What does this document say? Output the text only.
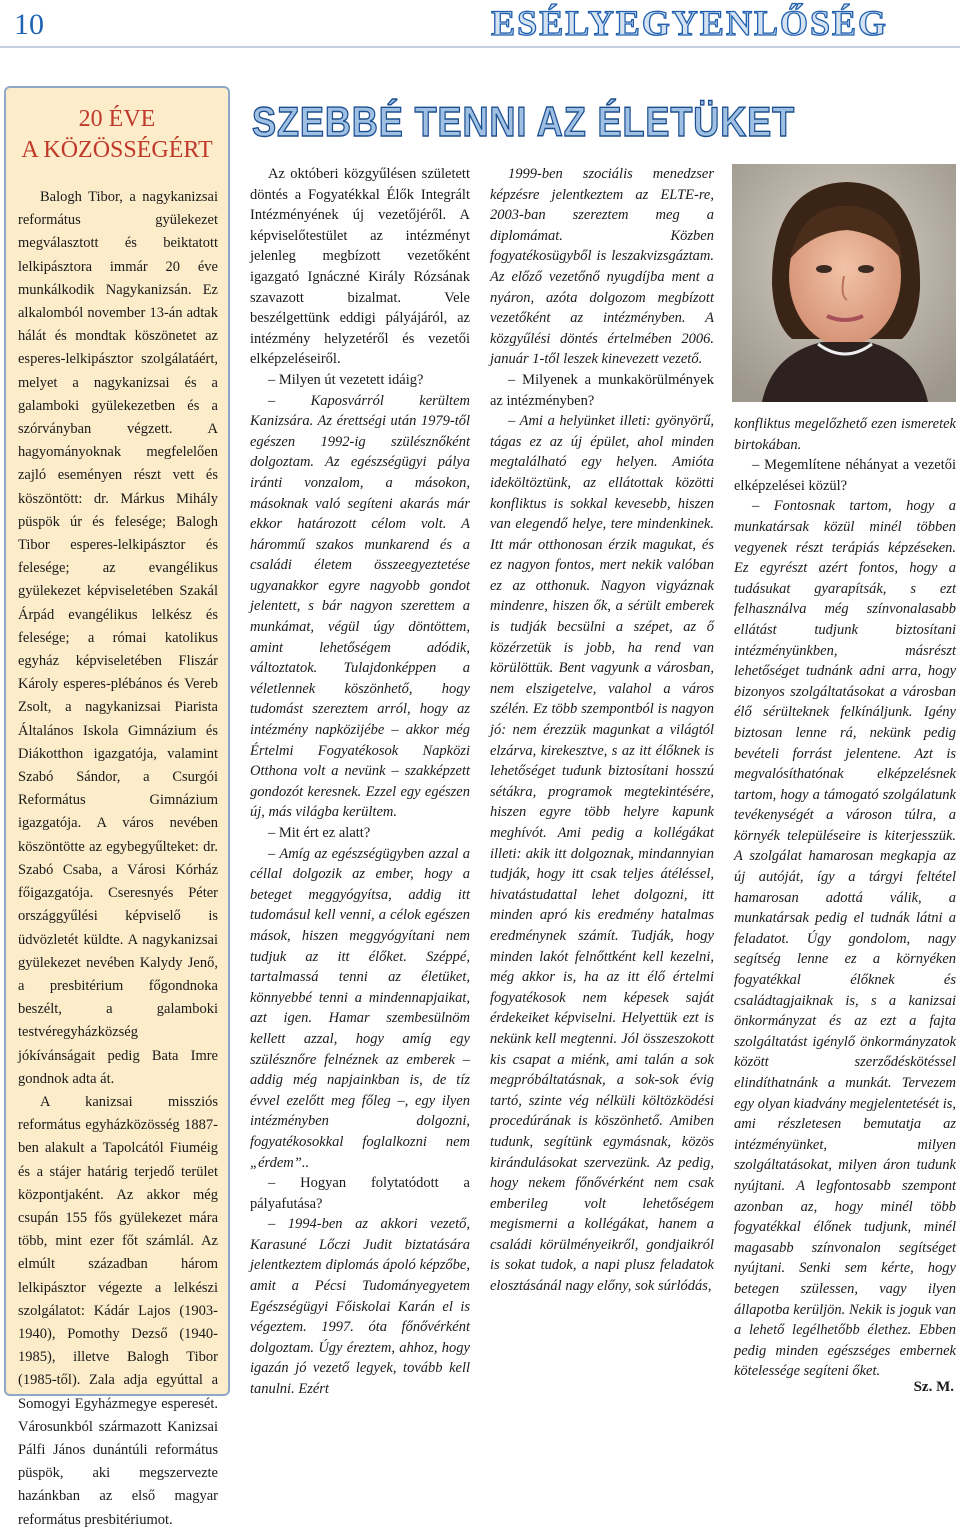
10	ESÉLYEGYENLŐSÉG
20 ÉVE
A KÖZÖSSÉGÉRT

Balogh Tibor, a nagykanizsai református gyülekezet megválasztott és beiktatott lelkipásztora immár 20 éve munkálkodik Nagykanizsán. Ez alkalomból november 13-án adtak hálát és mondtak köszönetet az esperes-lelkipásztor szolgálatáért, melyet a nagykanizsai és a galamboki gyülekezetben és a szórványban végzett. A hagyományoknak megfelelően zajló eseményen részt vett és köszöntött: dr. Márkus Mihály püspök úr és felesége; Balogh Tibor esperes-lelkipásztor és felesége; az evangélikus gyülekezet képviseletében Szakál Árpád evangélikus lelkész és felesége; a római katolikus egyház képviseletében Fliszár Károly esperes-plébános és Vereb Zsolt, a nagykanizsai Piarista Általános Iskola Gimnázium és Diákotthon igazgatója, valamint Szabó Sándor, a Csurgói Református Gimnázium igazgatója. A város nevében köszöntötte az egybegyűlteket: dr. Szabó Csaba, a Városi Kórház főigazgatója. Cseresnyés Péter országgyűlési képviselő is üdvözletét küldte. A nagykanizsai gyülekezet nevében Kalydy Jenő, a presbitérium főgondnoka beszélt, a galamboki testvéregyházközség jókívánságait pedig Bata Imre gondnok adta át.

A kanizsai missziós református egyházközösség 1887-ben alakult a Tapolcától Fiuméig és a stájer határig terjedő terület központjaként. Az akkor még csupán 155 fős gyülekezet mára több, mint ezer főt számlál. Az elmúlt században három lelkipásztor végezte a lelkészi szolgálatot: Kádár Lajos (1903-1940), Pomothy Dezső (1940-1985), illetve Balogh Tibor (1985-től). Zala adja egyúttal a Somogyi Egyházmegye esperesét. Városunkból származott Kanizsai Pálfi János dunántúli református püspök, aki megszervezte hazánkban az első magyar református presbitériumot.

SZEBBÉ TENNI AZ ÉLETÜKET

Az októberi közgyűlésen született döntés a Fogyatékkal Élők Integrált Intézményének új vezetőjéről. A képviselőtestület az intézményt jelenleg megbízott vezetőként igazgató Ignáczné Király Rózsának szavazott bizalmat. Vele beszélgettünk eddigi pályájáról, az intézmény helyzetéről és vezetői elképzeléseiről.

– Milyen út vezetett idáig?

– Kaposvárról kerültem Kanizsára. Az érettségi után 1979-től egészen 1992-ig szülésznőként dolgoztam. Az egészségügyi pálya iránti vonzalom, a másokon, másoknak való segíteni akarás már ekkor határozott célom volt. A hárommű szakos munkarend és a családi életem összeegyeztetése ugyanakkor egyre nagyobb gondot jelentett, s bár nagyon szerettem a munkámat, végül úgy döntöttem, amint lehetőségem adódik, változtatok. Tulajdonképpen a véletlennek köszönhető, hogy tudomást szereztem arról, hogy az intézmény napközijébe – akkor még Értelmi Fogyatékosok Napközi Otthona volt a nevünk – szakképzett gondozót keresnek. Ezzel egy egészen új, más világba kerültem.

– Mit ért ez alatt?

– Amíg az egészségügyben azzal a céllal dolgozik az ember, hogy a beteget meggyógyítsa, addig itt tudomásul kell venni, a célok egészen mások, hiszen meggyógyítani nem tudjuk az itt élőket. Széppé, tartalmassá tenni az életüket, könnyebbé tenni a mindennapjaikat, azt igen. Hamar szembesülnöm kellett azzal, hogy amíg egy szülésznőre felnéznek az emberek – addig még napjainkban is, de tíz évvel ezelőtt meg főleg –, egy ilyen intézményben dolgozni, fogyatékosokkal foglalkozni nem „érdem”..

– Hogyan folytatódott a pályafutása?

– 1994-ben az akkori vezető, Karasuné Lőczi Judit biztatására jelentkeztem diplomás ápoló képzőbe, amit a Pécsi Tudományegyetem Egészségügyi Főiskolai Karán el is végeztem. 1997. óta főnővérként dolgoztam. Úgy éreztem, ahhoz, hogy igazán jó vezető legyek, tovább kell tanulni. Ezért

1999-ben szociális menedzser képzésre jelentkeztem az ELTE-re, 2003-ban szereztem meg a diplomámat. Közben fogyatékosügyből is leszakvizsgáztam. Az előző vezetőnő nyugdíjba ment a nyáron, azóta dolgozom megbízott vezetőként az intézményben. A közgyűlési döntés értelmében 2006. január 1-től leszek kinevezett vezető.

– Milyenek a munkakörülmények az intézményben?

– Ami a helyünket illeti: gyönyörű, tágas ez az új épület, ahol minden megtalálható egy helyen. Amióta ideköltöztünk, az ellátottak közötti konfliktus is sokkal kevesebb, hiszen van elegendő helye, tere mindenkinek. Itt már otthonosan érzik magukat, és ez nagyon fontos, mert nekik valóban ez az otthonuk. Nagyon vigyáznak mindenre, hiszen ők, a sérült emberek is tudják becsülni a szépet, az ő közérzetük is jobb, ha rend van körülöttük. Bent vagyunk a városban, nem elszigetelve, valahol a város szélén. Ez több szempontból is nagyon jó: nem érezzük magunkat a világtól elzárva, kirekesztve, s az itt élőknek is lehetőséget tudunk biztosítani hosszú sétákra, programok megtekintésére, hiszen egyre több helyre kapunk meghívót. Ami pedig a kollégákat illeti: akik itt dolgoznak, mindannyian tudják, hogy itt csak teljes átéléssel, hivatástudattal lehet dolgozni, itt minden apró kis eredmény hatalmas eredménynek számít. Tudják, hogy minden lakót felnőttként kell kezelni, még akkor is, ha az itt élő értelmi fogyatékosok nem képesek saját érdekeiket képviselni. Helyettük ezt is nekünk kell megtenni. Jól összeszokott kis csapat a miénk, ami talán a sok megpróbáltatásnak, a sok-sok évig tartó, szinte vég nélküli költözködési procedúrának is köszönhető. Amiben tudunk, segítünk egymásnak, közös kirándulásokat szervezünk. Az pedig, hogy nekem főnővérként nem csak emberileg volt lehetőségem megismerni a kollégákat, hanem a családi körülményeikről, gondjaikról is sokat tudok, a napi plusz feladatok elosztásánál nagy előny, sok súrlódás,

konfliktus megelőzhető ezen ismeretek birtokában.

– Megemlítene néhányat a vezetői elképzelései közül?

– Fontosnak tartom, hogy a munkatársak közül minél többen vegyenek részt terápiás képzéseken. Ez egyrészt azért fontos, hogy a tudásukat gyarapítsák, s ezt felhasználva még színvonalasabb ellátást tudjunk biztosítani intézményünkben, másrészt lehetőséget tudnánk adni arra, hogy bizonyos szolgáltatásokat a városban élő sérülteknek felkínáljunk. Igény biztosan lenne rá, nekünk pedig bevételi forrást jelentene. Azt is megvalósíthatónak elképzelésnek tartom, hogy a támogató szolgálatunk tevékenységét a városon túlra, a környék településeire is kiterjesszük. A szolgálat hamarosan megkapja az új autóját, így a tárgyi feltétel hamarosan adottá válik, a munkatársak pedig el tudnák látni a feladatot. Úgy gondolom, nagy segítség lenne ez a környéken fogyatékkal élőknek és családtagjaiknak is, s a kanizsai önkormányzat és az ezt a fajta szolgáltatást igénylő önkormányzatok között szerződéskötéssel elindíthatnánk a munkát. Tervezem egy olyan kiadvány megjelentetését is, ami részletesen bemutatja az intézményünket, milyen szolgáltatásokat, milyen áron tudunk nyújtani. A legfontosabb szempont azonban az, hogy minél több fogyatékkal élőnek tudjunk, minél magasabb színvonalon segítséget nyújtani. Senki sem kérte, hogy betegen szülessen, vagy ilyen állapotba kerüljön. Nekik is joguk van a lehető legélhetőbb élethez. Ebben pedig minden egészséges embernek kötelessége segíteni őket.

Sz. M.
